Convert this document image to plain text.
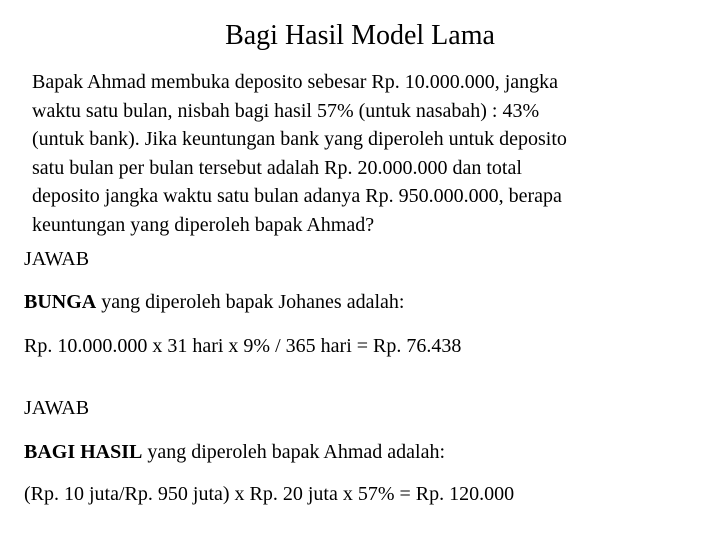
Bagi Hasil Model Lama

Bapak Ahmad membuka deposito sebesar Rp. 10.000.000, jangka
waktu satu bulan, nisbah bagi hasil 57% (untuk nasabah) : 43%
(untuk bank). Jika keuntungan bank yang diperoleh untuk deposito
satu bulan per bulan tersebut adalah Rp. 20.000.000 dan total
deposito jangka waktu satu bulan adanya Rp. 950.000.000, berapa
keuntungan yang diperoleh bapak Ahmad?

JAWAB

BUNGA yang diperoleh bapak Johanes adalah:

Rp. 10.000.000 x 31 hari x 9% / 365 hari = Rp. 76.438

JAWAB

BAGI HASIL yang diperoleh bapak Ahmad adalah:

(Rp. 10 juta/Rp. 950 juta) x Rp. 20 juta x 57% = Rp. 120.000
